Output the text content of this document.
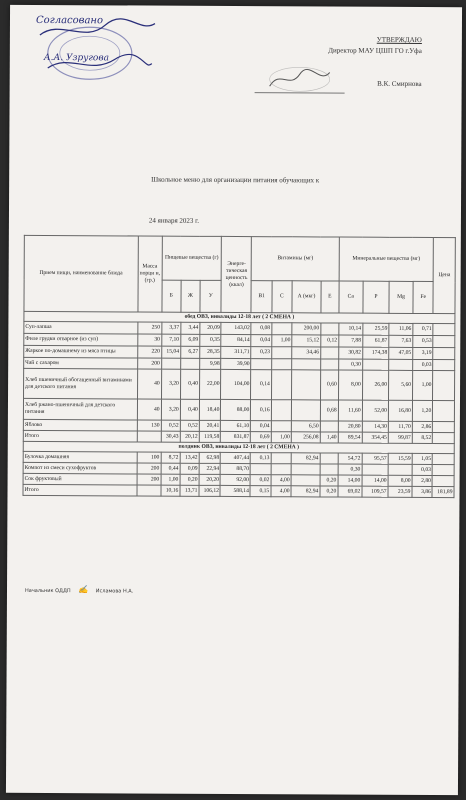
Согласовано
А.А. Узругова
УТВЕРЖДАЮ
Директор МАУ ЦШП ГО г.Уфа
В.К. Смирнова
Школьное меню для организации питания обучающих к
24 января 2023 г.
Прием пищи, наименование блюда	Масса порци и, (гр.)	Пищевые вещества (г)			Энерге-тическая ценность (ккал)	Витамины (мг)				Минеральные вещества (мг)				Цена
		Б	Ж	У		В1	С	А (мкг)	Е	Са	Р	Mg	Fe	
обед ОВЗ, инвалиды 12-18 лет ( 2 СМЕНА )														
Суп-лапша	250	3,37	3,44	20,09	143,02	0,08		200,00		10,14	25,59	11,06	0,71	
Филе грудки отварное (из суп)	30	7,10	6,09	0,35	84,14	0,04	1,00	15,12	0,12	7,88	61,87	7,63	0,53	
Жаркое по-домашнему из мяса птицы	220	15,04	6,27	28,35	311,71	0,23		34,46		30,82	174,38	47,05	3,19	
Чай с сахаром	200			9,98	39,90					0,30			0,03	
Хлеб пшеничный обогащенный витаминами для детского питания	40	3,20	0,40	22,00	104,00	0,14			0,60	8,00	26,00	5,60	1,00	
Хлеб ржано-пшеничный для детского питания	40	3,20	0,40	18,40	88,00	0,16			0,68	11,60	52,00	16,80	1,20	
Яблоко	130	0,52	0,52	20,41	61,10	0,04		6,50		20,80	14,30	11,70	2,86	
Итого		30,43	20,12	119,58	831,87	0,69	1,00	256,08	1,40	89,54	354,45	99,87	8,52	
полдник ОВЗ, инвалиды 12-18 лет ( 2 СМЕНА )														
Булочка домашняя	100	8,72	13,42	62,98	407,44	0,13		82,94		54,72	95,57	15,59	1,05	
Компот из смеси сухофруктов	200	0,44	0,09	22,94	88,70					0,30			0,03	
Сок фруктовый	200	1,00	0,20	20,20	92,00	0,02	4,00		0,20	14,00	14,00	8,00	2,80	
Итого		10,16	13,71	106,12	588,14	0,15	4,00	82,94	0,20	69,02	109,57	23,59	3,86	181,89
Начальник ОДДП ✍ Исламова Н.А.
